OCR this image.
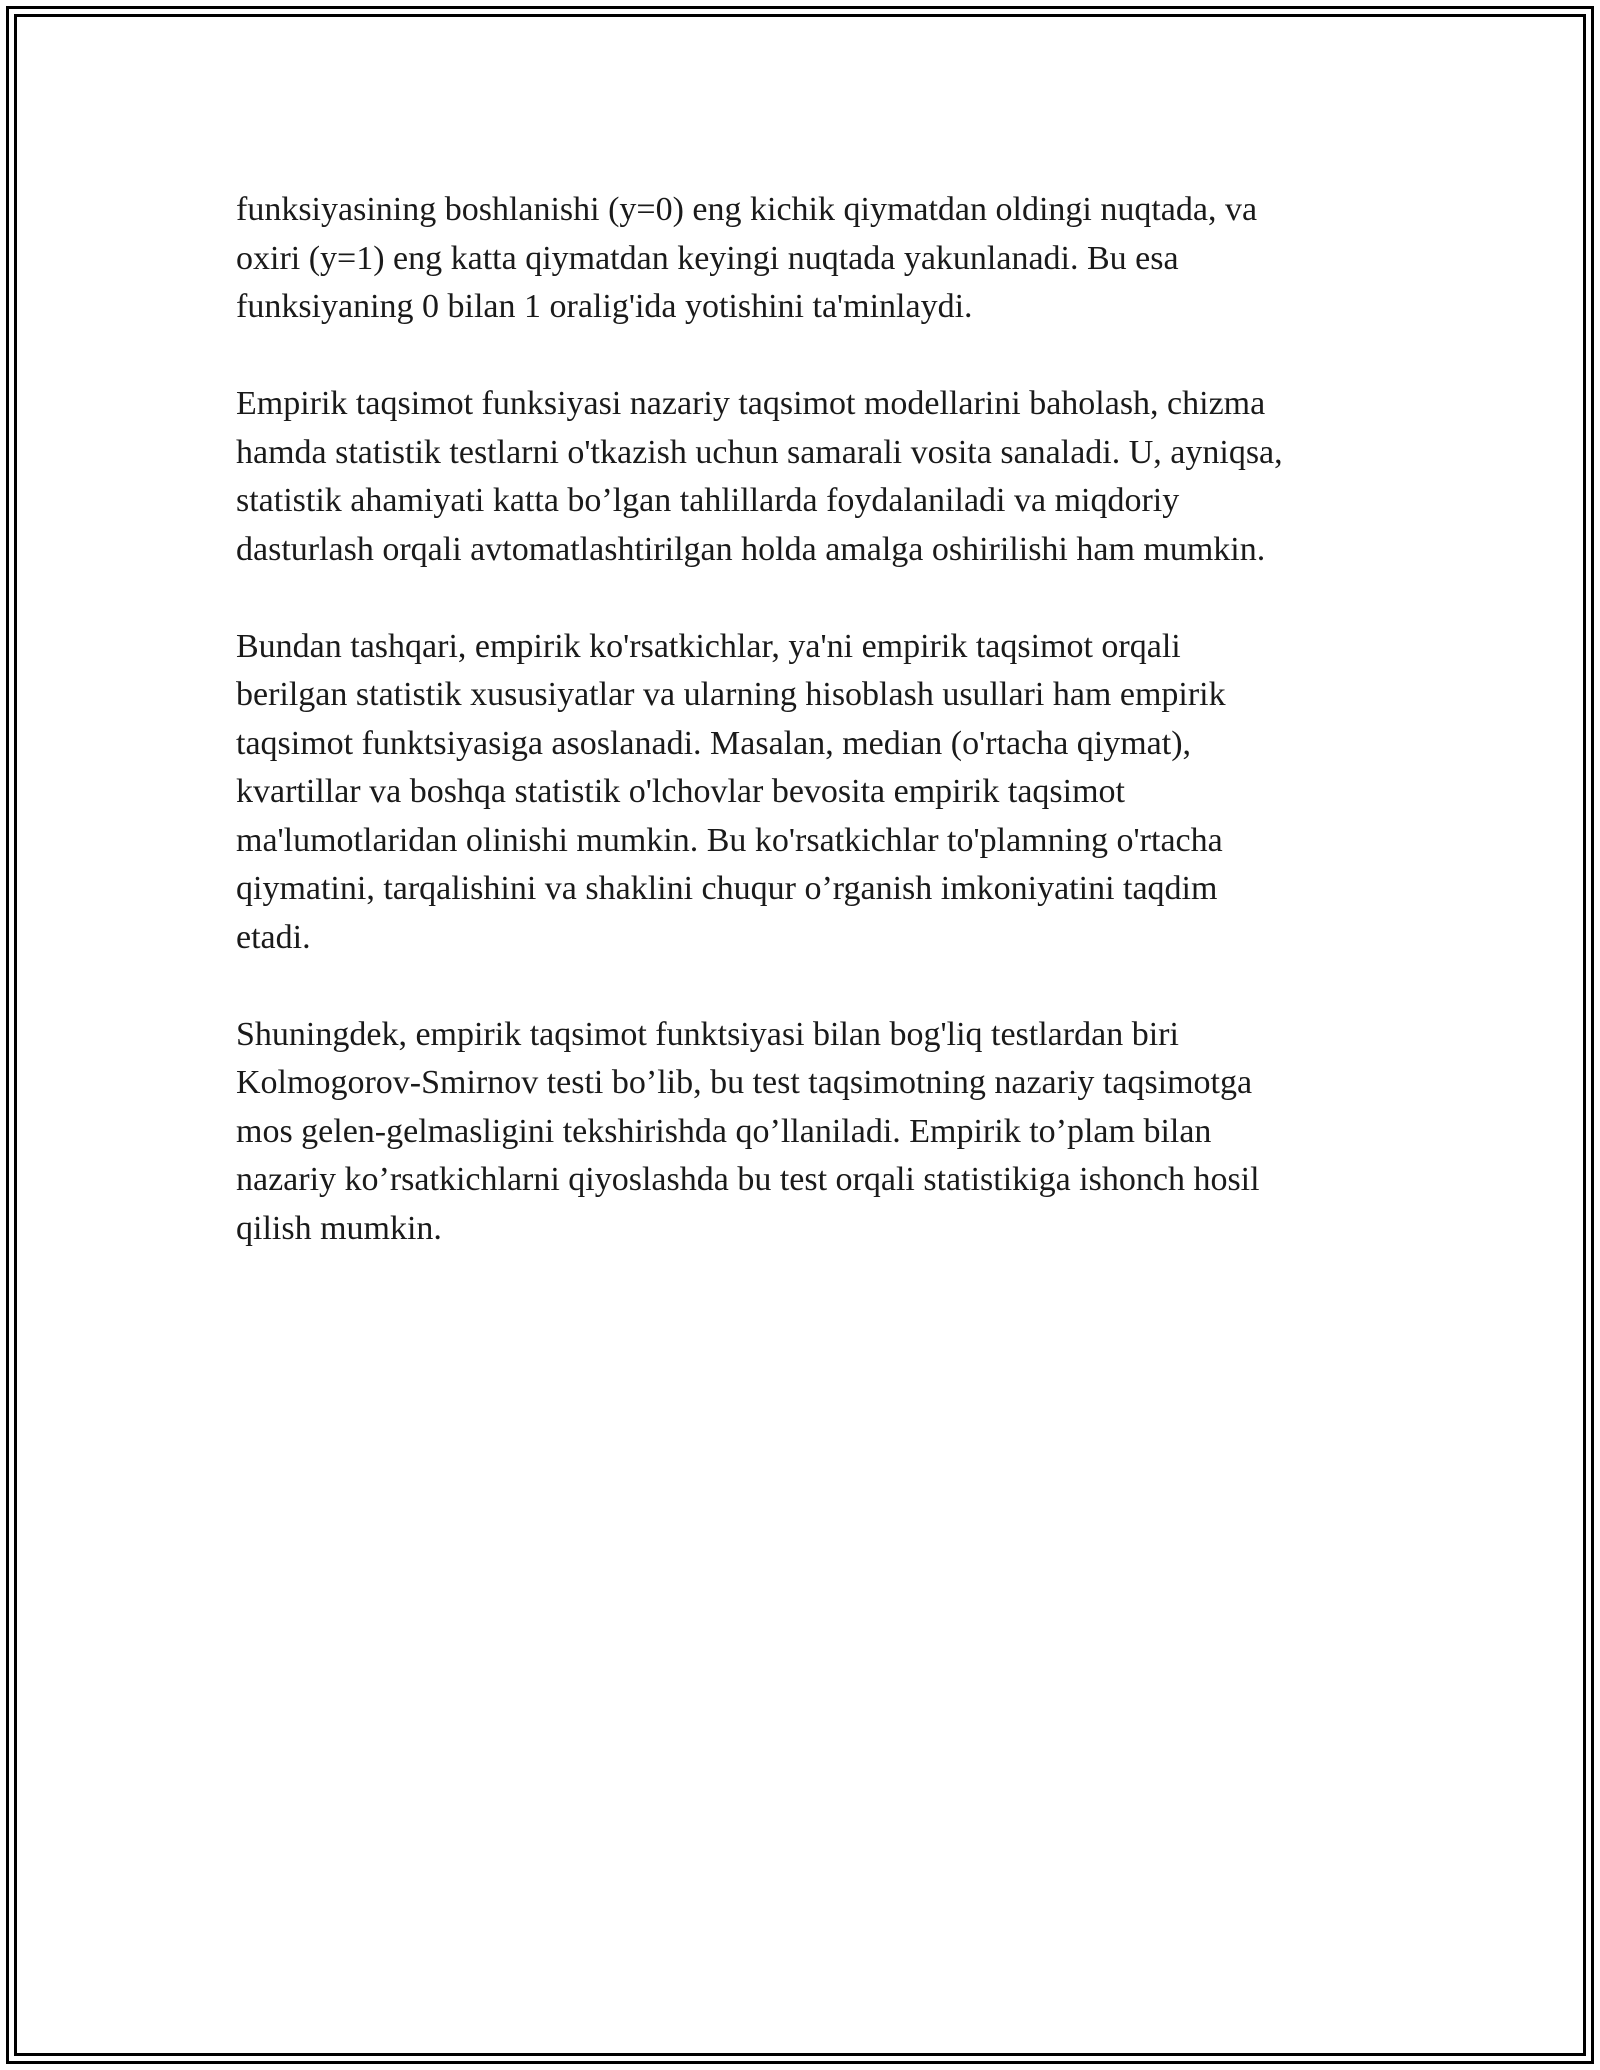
funksiyasining boshlanishi (y=0) eng kichik qiymatdan oldingi nuqtada, va
oxiri (y=1) eng katta qiymatdan keyingi nuqtada yakunlanadi. Bu esa
funksiyaning 0 bilan 1 oralig'ida yotishini ta'minlaydi.

Empirik taqsimot funksiyasi nazariy taqsimot modellarini baholash, chizma
hamda statistik testlarni o'tkazish uchun samarali vosita sanaladi. U, ayniqsa,
statistik ahamiyati katta bo’lgan tahlillarda foydalaniladi va miqdoriy
dasturlash orqali avtomatlashtirilgan holda amalga oshirilishi ham mumkin.

Bundan tashqari, empirik ko'rsatkichlar, ya'ni empirik taqsimot orqali
berilgan statistik xususiyatlar va ularning hisoblash usullari ham empirik
taqsimot funktsiyasiga asoslanadi. Masalan, median (o'rtacha qiymat),
kvartillar va boshqa statistik o'lchovlar bevosita empirik taqsimot
ma'lumotlaridan olinishi mumkin. Bu ko'rsatkichlar to'plamning o'rtacha
qiymatini, tarqalishini va shaklini chuqur o’rganish imkoniyatini taqdim
etadi.

Shuningdek, empirik taqsimot funktsiyasi bilan bog'liq testlardan biri
Kolmogorov-Smirnov testi bo’lib, bu test taqsimotning nazariy taqsimotga
mos gelen-gelmasligini tekshirishda qo’llaniladi. Empirik to’plam bilan
nazariy ko’rsatkichlarni qiyoslashda bu test orqali statistikiga ishonch hosil
qilish mumkin.
